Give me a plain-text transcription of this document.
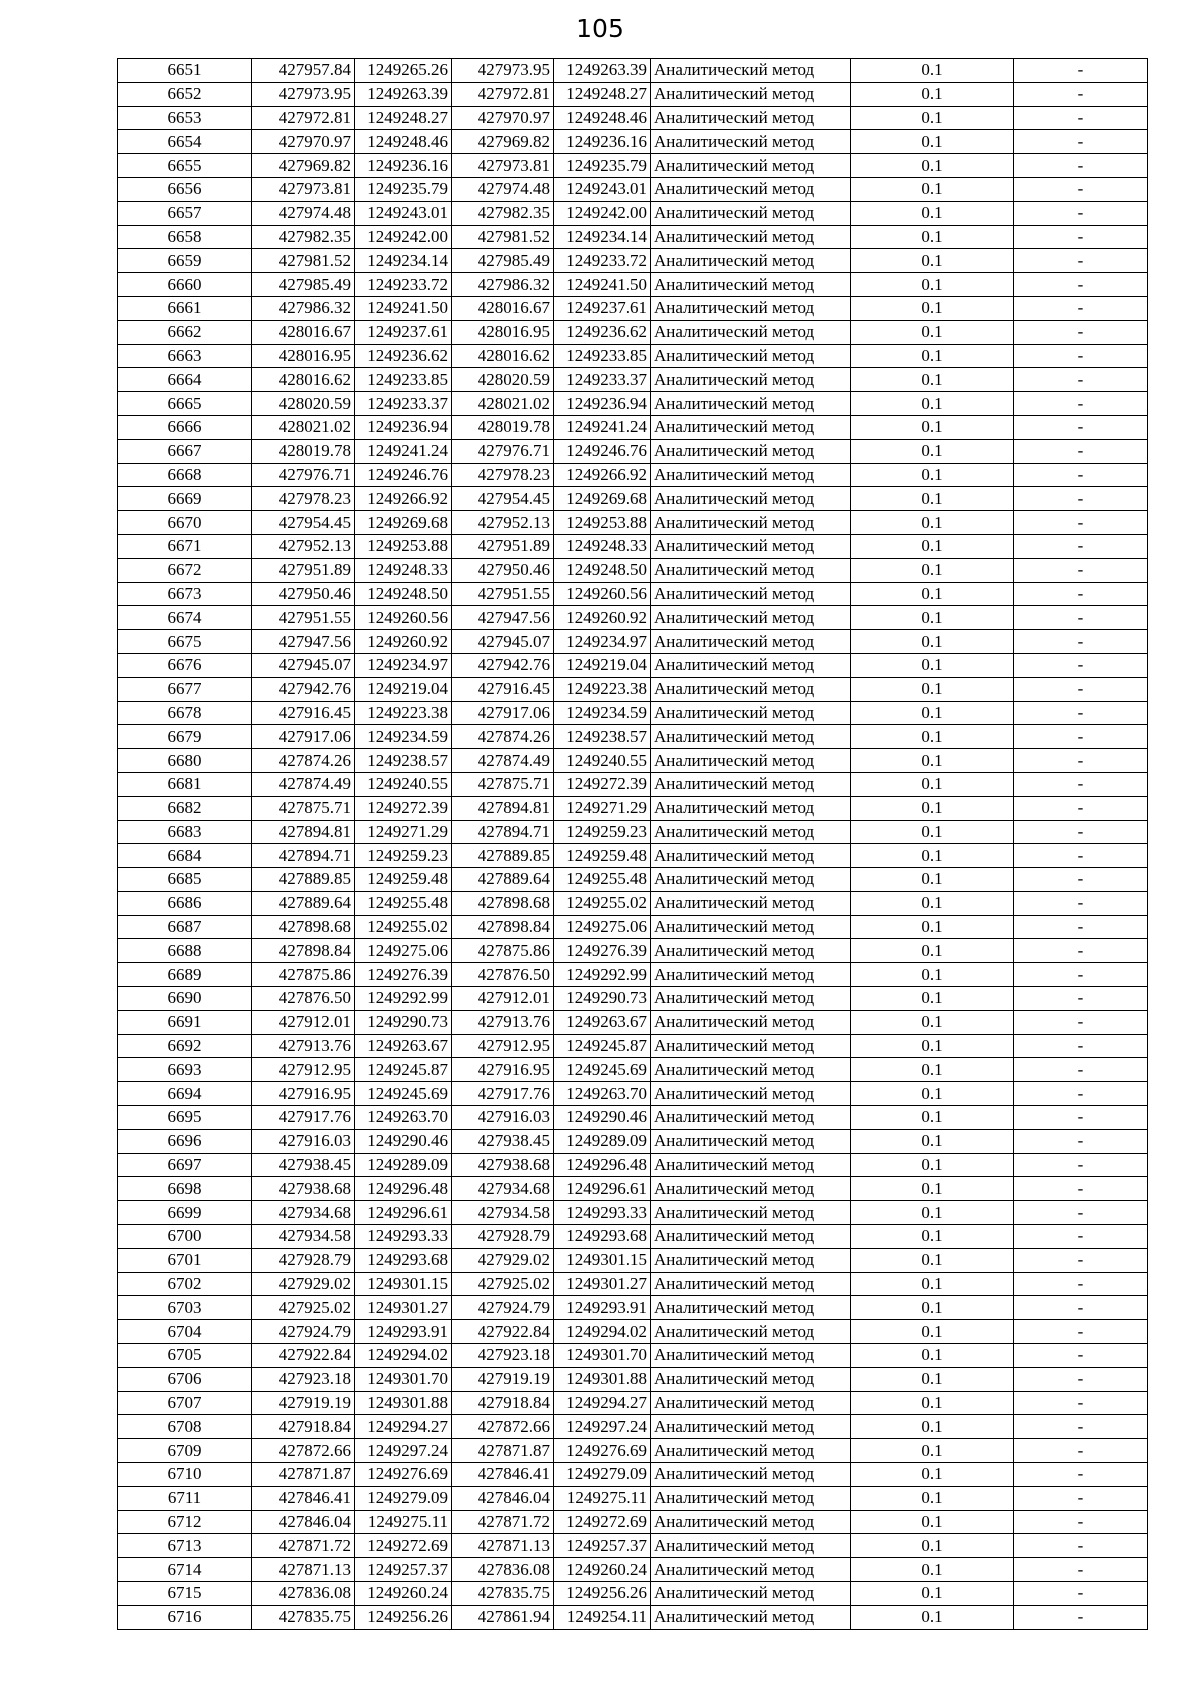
105
6651	427957.84	1249265.26	427973.95	1249263.39	Аналитический метод	0.1	-
6652	427973.95	1249263.39	427972.81	1249248.27	Аналитический метод	0.1	-
6653	427972.81	1249248.27	427970.97	1249248.46	Аналитический метод	0.1	-
6654	427970.97	1249248.46	427969.82	1249236.16	Аналитический метод	0.1	-
6655	427969.82	1249236.16	427973.81	1249235.79	Аналитический метод	0.1	-
6656	427973.81	1249235.79	427974.48	1249243.01	Аналитический метод	0.1	-
6657	427974.48	1249243.01	427982.35	1249242.00	Аналитический метод	0.1	-
6658	427982.35	1249242.00	427981.52	1249234.14	Аналитический метод	0.1	-
6659	427981.52	1249234.14	427985.49	1249233.72	Аналитический метод	0.1	-
6660	427985.49	1249233.72	427986.32	1249241.50	Аналитический метод	0.1	-
6661	427986.32	1249241.50	428016.67	1249237.61	Аналитический метод	0.1	-
6662	428016.67	1249237.61	428016.95	1249236.62	Аналитический метод	0.1	-
6663	428016.95	1249236.62	428016.62	1249233.85	Аналитический метод	0.1	-
6664	428016.62	1249233.85	428020.59	1249233.37	Аналитический метод	0.1	-
6665	428020.59	1249233.37	428021.02	1249236.94	Аналитический метод	0.1	-
6666	428021.02	1249236.94	428019.78	1249241.24	Аналитический метод	0.1	-
6667	428019.78	1249241.24	427976.71	1249246.76	Аналитический метод	0.1	-
6668	427976.71	1249246.76	427978.23	1249266.92	Аналитический метод	0.1	-
6669	427978.23	1249266.92	427954.45	1249269.68	Аналитический метод	0.1	-
6670	427954.45	1249269.68	427952.13	1249253.88	Аналитический метод	0.1	-
6671	427952.13	1249253.88	427951.89	1249248.33	Аналитический метод	0.1	-
6672	427951.89	1249248.33	427950.46	1249248.50	Аналитический метод	0.1	-
6673	427950.46	1249248.50	427951.55	1249260.56	Аналитический метод	0.1	-
6674	427951.55	1249260.56	427947.56	1249260.92	Аналитический метод	0.1	-
6675	427947.56	1249260.92	427945.07	1249234.97	Аналитический метод	0.1	-
6676	427945.07	1249234.97	427942.76	1249219.04	Аналитический метод	0.1	-
6677	427942.76	1249219.04	427916.45	1249223.38	Аналитический метод	0.1	-
6678	427916.45	1249223.38	427917.06	1249234.59	Аналитический метод	0.1	-
6679	427917.06	1249234.59	427874.26	1249238.57	Аналитический метод	0.1	-
6680	427874.26	1249238.57	427874.49	1249240.55	Аналитический метод	0.1	-
6681	427874.49	1249240.55	427875.71	1249272.39	Аналитический метод	0.1	-
6682	427875.71	1249272.39	427894.81	1249271.29	Аналитический метод	0.1	-
6683	427894.81	1249271.29	427894.71	1249259.23	Аналитический метод	0.1	-
6684	427894.71	1249259.23	427889.85	1249259.48	Аналитический метод	0.1	-
6685	427889.85	1249259.48	427889.64	1249255.48	Аналитический метод	0.1	-
6686	427889.64	1249255.48	427898.68	1249255.02	Аналитический метод	0.1	-
6687	427898.68	1249255.02	427898.84	1249275.06	Аналитический метод	0.1	-
6688	427898.84	1249275.06	427875.86	1249276.39	Аналитический метод	0.1	-
6689	427875.86	1249276.39	427876.50	1249292.99	Аналитический метод	0.1	-
6690	427876.50	1249292.99	427912.01	1249290.73	Аналитический метод	0.1	-
6691	427912.01	1249290.73	427913.76	1249263.67	Аналитический метод	0.1	-
6692	427913.76	1249263.67	427912.95	1249245.87	Аналитический метод	0.1	-
6693	427912.95	1249245.87	427916.95	1249245.69	Аналитический метод	0.1	-
6694	427916.95	1249245.69	427917.76	1249263.70	Аналитический метод	0.1	-
6695	427917.76	1249263.70	427916.03	1249290.46	Аналитический метод	0.1	-
6696	427916.03	1249290.46	427938.45	1249289.09	Аналитический метод	0.1	-
6697	427938.45	1249289.09	427938.68	1249296.48	Аналитический метод	0.1	-
6698	427938.68	1249296.48	427934.68	1249296.61	Аналитический метод	0.1	-
6699	427934.68	1249296.61	427934.58	1249293.33	Аналитический метод	0.1	-
6700	427934.58	1249293.33	427928.79	1249293.68	Аналитический метод	0.1	-
6701	427928.79	1249293.68	427929.02	1249301.15	Аналитический метод	0.1	-
6702	427929.02	1249301.15	427925.02	1249301.27	Аналитический метод	0.1	-
6703	427925.02	1249301.27	427924.79	1249293.91	Аналитический метод	0.1	-
6704	427924.79	1249293.91	427922.84	1249294.02	Аналитический метод	0.1	-
6705	427922.84	1249294.02	427923.18	1249301.70	Аналитический метод	0.1	-
6706	427923.18	1249301.70	427919.19	1249301.88	Аналитический метод	0.1	-
6707	427919.19	1249301.88	427918.84	1249294.27	Аналитический метод	0.1	-
6708	427918.84	1249294.27	427872.66	1249297.24	Аналитический метод	0.1	-
6709	427872.66	1249297.24	427871.87	1249276.69	Аналитический метод	0.1	-
6710	427871.87	1249276.69	427846.41	1249279.09	Аналитический метод	0.1	-
6711	427846.41	1249279.09	427846.04	1249275.11	Аналитический метод	0.1	-
6712	427846.04	1249275.11	427871.72	1249272.69	Аналитический метод	0.1	-
6713	427871.72	1249272.69	427871.13	1249257.37	Аналитический метод	0.1	-
6714	427871.13	1249257.37	427836.08	1249260.24	Аналитический метод	0.1	-
6715	427836.08	1249260.24	427835.75	1249256.26	Аналитический метод	0.1	-
6716	427835.75	1249256.26	427861.94	1249254.11	Аналитический метод	0.1	-
